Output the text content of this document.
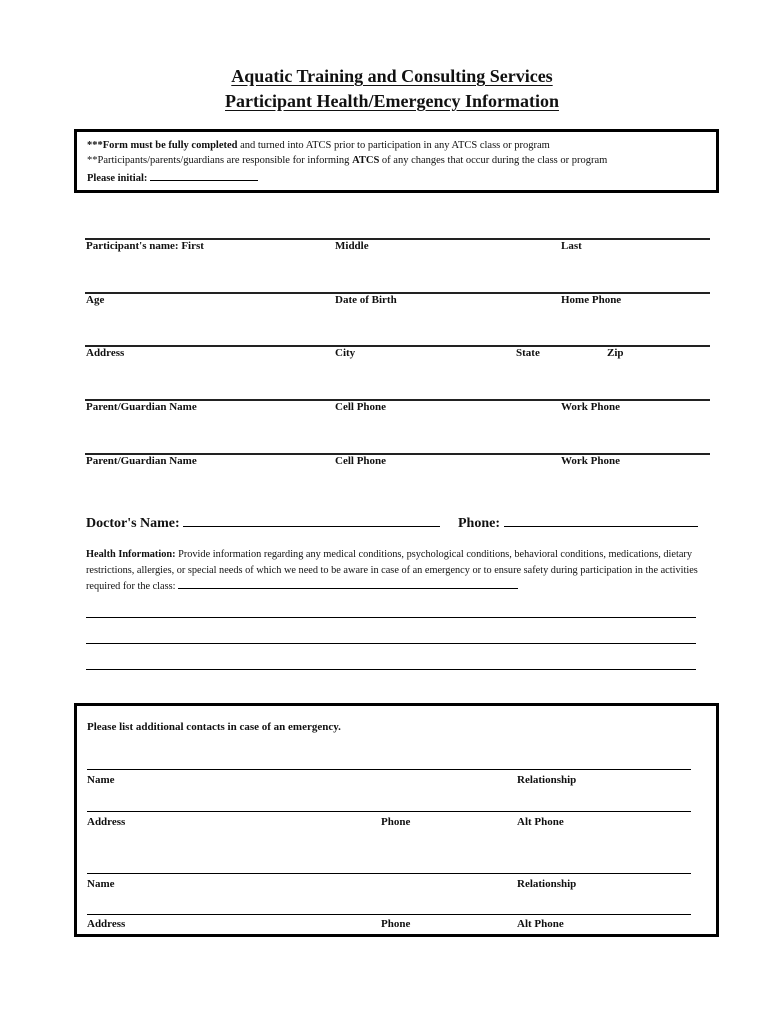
Aquatic Training and Consulting Services
Participant Health/Emergency Information
***Form must be fully completed and turned into ATCS prior to participation in any ATCS class or program
**Participants/parents/guardians are responsible for informing ATCS of any changes that occur during the class or program
Please initial:
Participant's name: First	Middle	Last
Age	Date of Birth	Home Phone
Address	City	State	Zip
Parent/Guardian Name	Cell Phone	Work Phone
Parent/Guardian Name	Cell Phone	Work Phone
Doctor's Name:	Phone:
Health Information: Provide information regarding any medical conditions, psychological conditions, behavioral conditions, medications, dietary restrictions, allergies, or special needs of which we need to be aware in case of an emergency or to ensure safety during participation in the activities required for the class:
Please list additional contacts in case of an emergency.
Name	Relationship
Address	Phone	Alt Phone
Name	Relationship
Address	Phone	Alt Phone
